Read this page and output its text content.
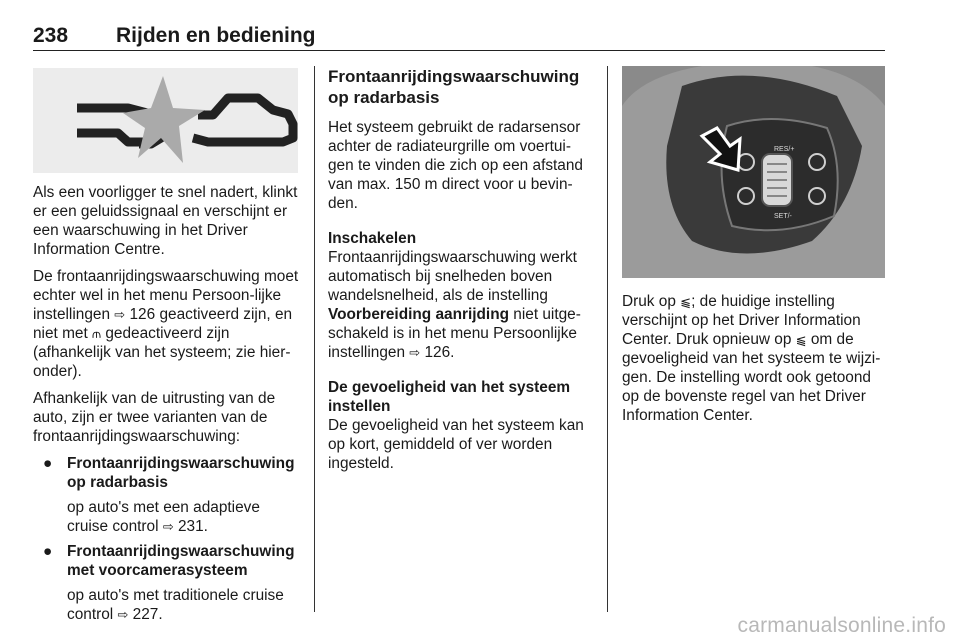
238 Rijden en bediening

Als een voorligger te snel nadert, klinkt er een geluidssignaal en verschijnt er een waarschuwing in het Driver Information Centre.

De frontaanrijdingswaarschuwing moet echter wel in het menu Persoon-lijke instellingen ⇨ 126 geactiveerd zijn, en niet met ⫙ gedeactiveerd zijn (afhankelijk van het systeem; zie hier-onder).

Afhankelijk van de uitrusting van de auto, zijn er twee varianten van de frontaanrijdingswaarschuwing:

● Frontaanrijdingswaarschuwing op radarbasis
op auto's met een adaptieve cruise control ⇨ 231.
● Frontaanrijdingswaarschuwing met voorcamerasysteem
op auto's met traditionele cruise control ⇨ 227.
Frontaanrijdingswaarschuwing op radarbasis

Het systeem gebruikt de radarsensor achter de radiateurgrille om voertui-gen te vinden die zich op een afstand van max. 150 m direct voor u bevin-den.

Inschakelen

Frontaanrijdingswaarschuwing werkt automatisch bij snelheden boven wandelsnelheid, als de instelling Voorbereiding aanrijding niet uitge-schakeld is in het menu Persoonlijke instellingen ⇨ 126.

De gevoeligheid van het systeem instellen

De gevoeligheid van het systeem kan op kort, gemiddeld of ver worden ingesteld.

RES/+
SET/-

Druk op ⫹; de huidige instelling verschijnt op het Driver Information Center. Druk opnieuw op ⫹ om de gevoeligheid van het systeem te wijzi-gen. De instelling wordt ook getoond op de bovenste regel van het Driver Information Center.

carmanualsonline.info
